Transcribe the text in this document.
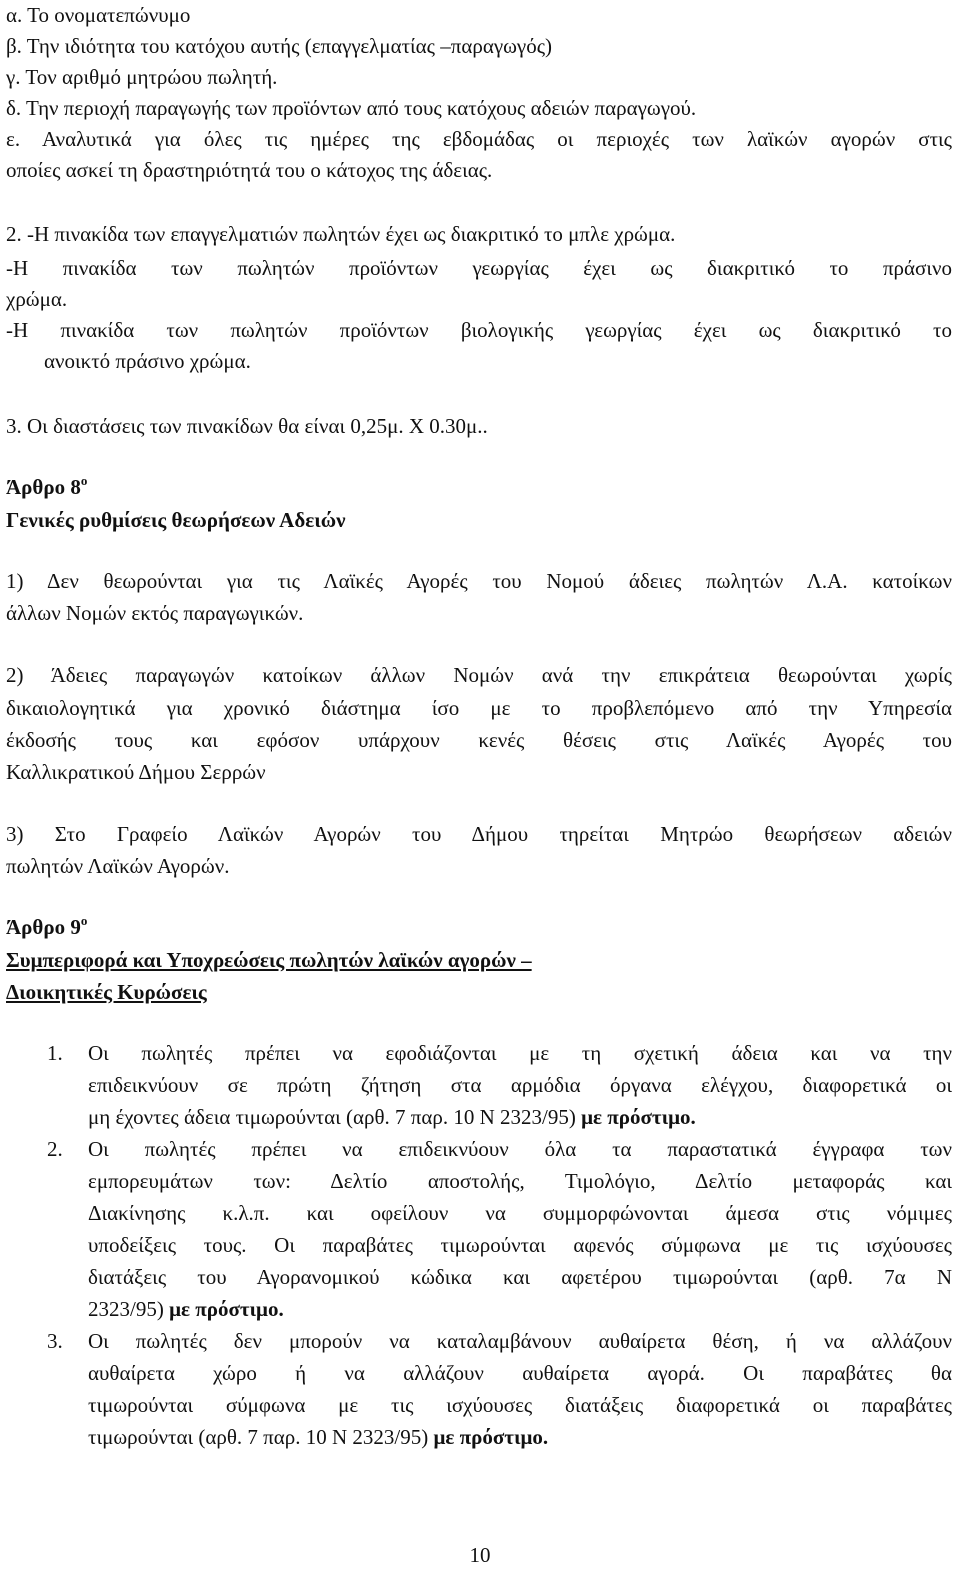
α. Το ονοματεπώνυμο
β. Την ιδιότητα του κατόχου αυτής (επαγγελματίας –παραγωγός)
γ. Τον αριθμό μητρώου πωλητή.
δ. Την περιοχή παραγωγής των προϊόντων από τους κατόχους αδειών παραγωγού.
ε. Αναλυτικά για όλες τις ημέρες της εβδομάδας οι περιοχές των λαϊκών αγορών στις
οποίες ασκεί τη δραστηριότητά του ο κάτοχος της άδειας.
2. -Η πινακίδα των επαγγελματιών πωλητών έχει ως διακριτικό το μπλε χρώμα.
-Η πινακίδα των πωλητών προϊόντων γεωργίας έχει ως διακριτικό το πράσινο
χρώμα.
-Η πινακίδα των πωλητών προϊόντων βιολογικής γεωργίας έχει ως διακριτικό το
ανοικτό πράσινο χρώμα.
3. Οι διαστάσεις των πινακίδων θα είναι 0,25μ. Χ 0.30μ..
Άρθρο $8^o$
Γενικές ρυθμίσεις θεωρήσεων Αδειών
1) Δεν θεωρούνται για τις Λαϊκές Αγορές του Νομού άδειες πωλητών Λ.Α. κατοίκων
άλλων Νομών εκτός παραγωγικών.
2) Άδειες παραγωγών κατοίκων άλλων Νομών ανά την επικράτεια θεωρούνται χωρίς
δικαιολογητικά για χρονικό διάστημα ίσο με το προβλεπόμενο από την Υπηρεσία
έκδοσής τους και εφόσον υπάρχουν κενές θέσεις στις Λαϊκές Αγορές του
Καλλικρατικού Δήμου Σερρών
3) Στο Γραφείο Λαϊκών Αγορών του Δήμου τηρείται Μητρώο θεωρήσεων αδειών
πωλητών Λαϊκών Αγορών.
Άρθρο $9^o$
Συμπεριφορά και Υποχρεώσεις πωλητών λαϊκών αγορών –
Διοικητικές Κυρώσεις
1. Οι πωλητές πρέπει να εφοδιάζονται με τη σχετική άδεια και να την
επιδεικνύουν σε πρώτη ζήτηση στα αρμόδια όργανα ελέγχου, διαφορετικά οι
μη έχοντες άδεια τιμωρούνται (αρθ. 7 παρ. 10 Ν 2323/95) με πρόστιμο.
2. Οι πωλητές πρέπει να επιδεικνύουν όλα τα παραστατικά έγγραφα των
εμπορευμάτων των: Δελτίο αποστολής, Τιμολόγιο, Δελτίο μεταφοράς και
Διακίνησης κ.λ.π. και οφείλουν να συμμορφώνονται άμεσα στις νόμιμες
υποδείξεις τους. Οι παραβάτες τιμωρούνται αφενός σύμφωνα με τις ισχύουσες
διατάξεις του Αγορανομικού κώδικα και αφετέρου τιμωρούνται (αρθ. 7α Ν
2323/95) με πρόστιμο.
3. Οι πωλητές δεν μπορούν να καταλαμβάνουν αυθαίρετα θέση, ή να αλλάζουν
αυθαίρετα χώρο ή να αλλάζουν αυθαίρετα αγορά. Οι παραβάτες θα
τιμωρούνται σύμφωνα με τις ισχύουσες διατάξεις διαφορετικά οι παραβάτες
τιμωρούνται (αρθ. 7 παρ. 10 Ν 2323/95) με πρόστιμο.
10
